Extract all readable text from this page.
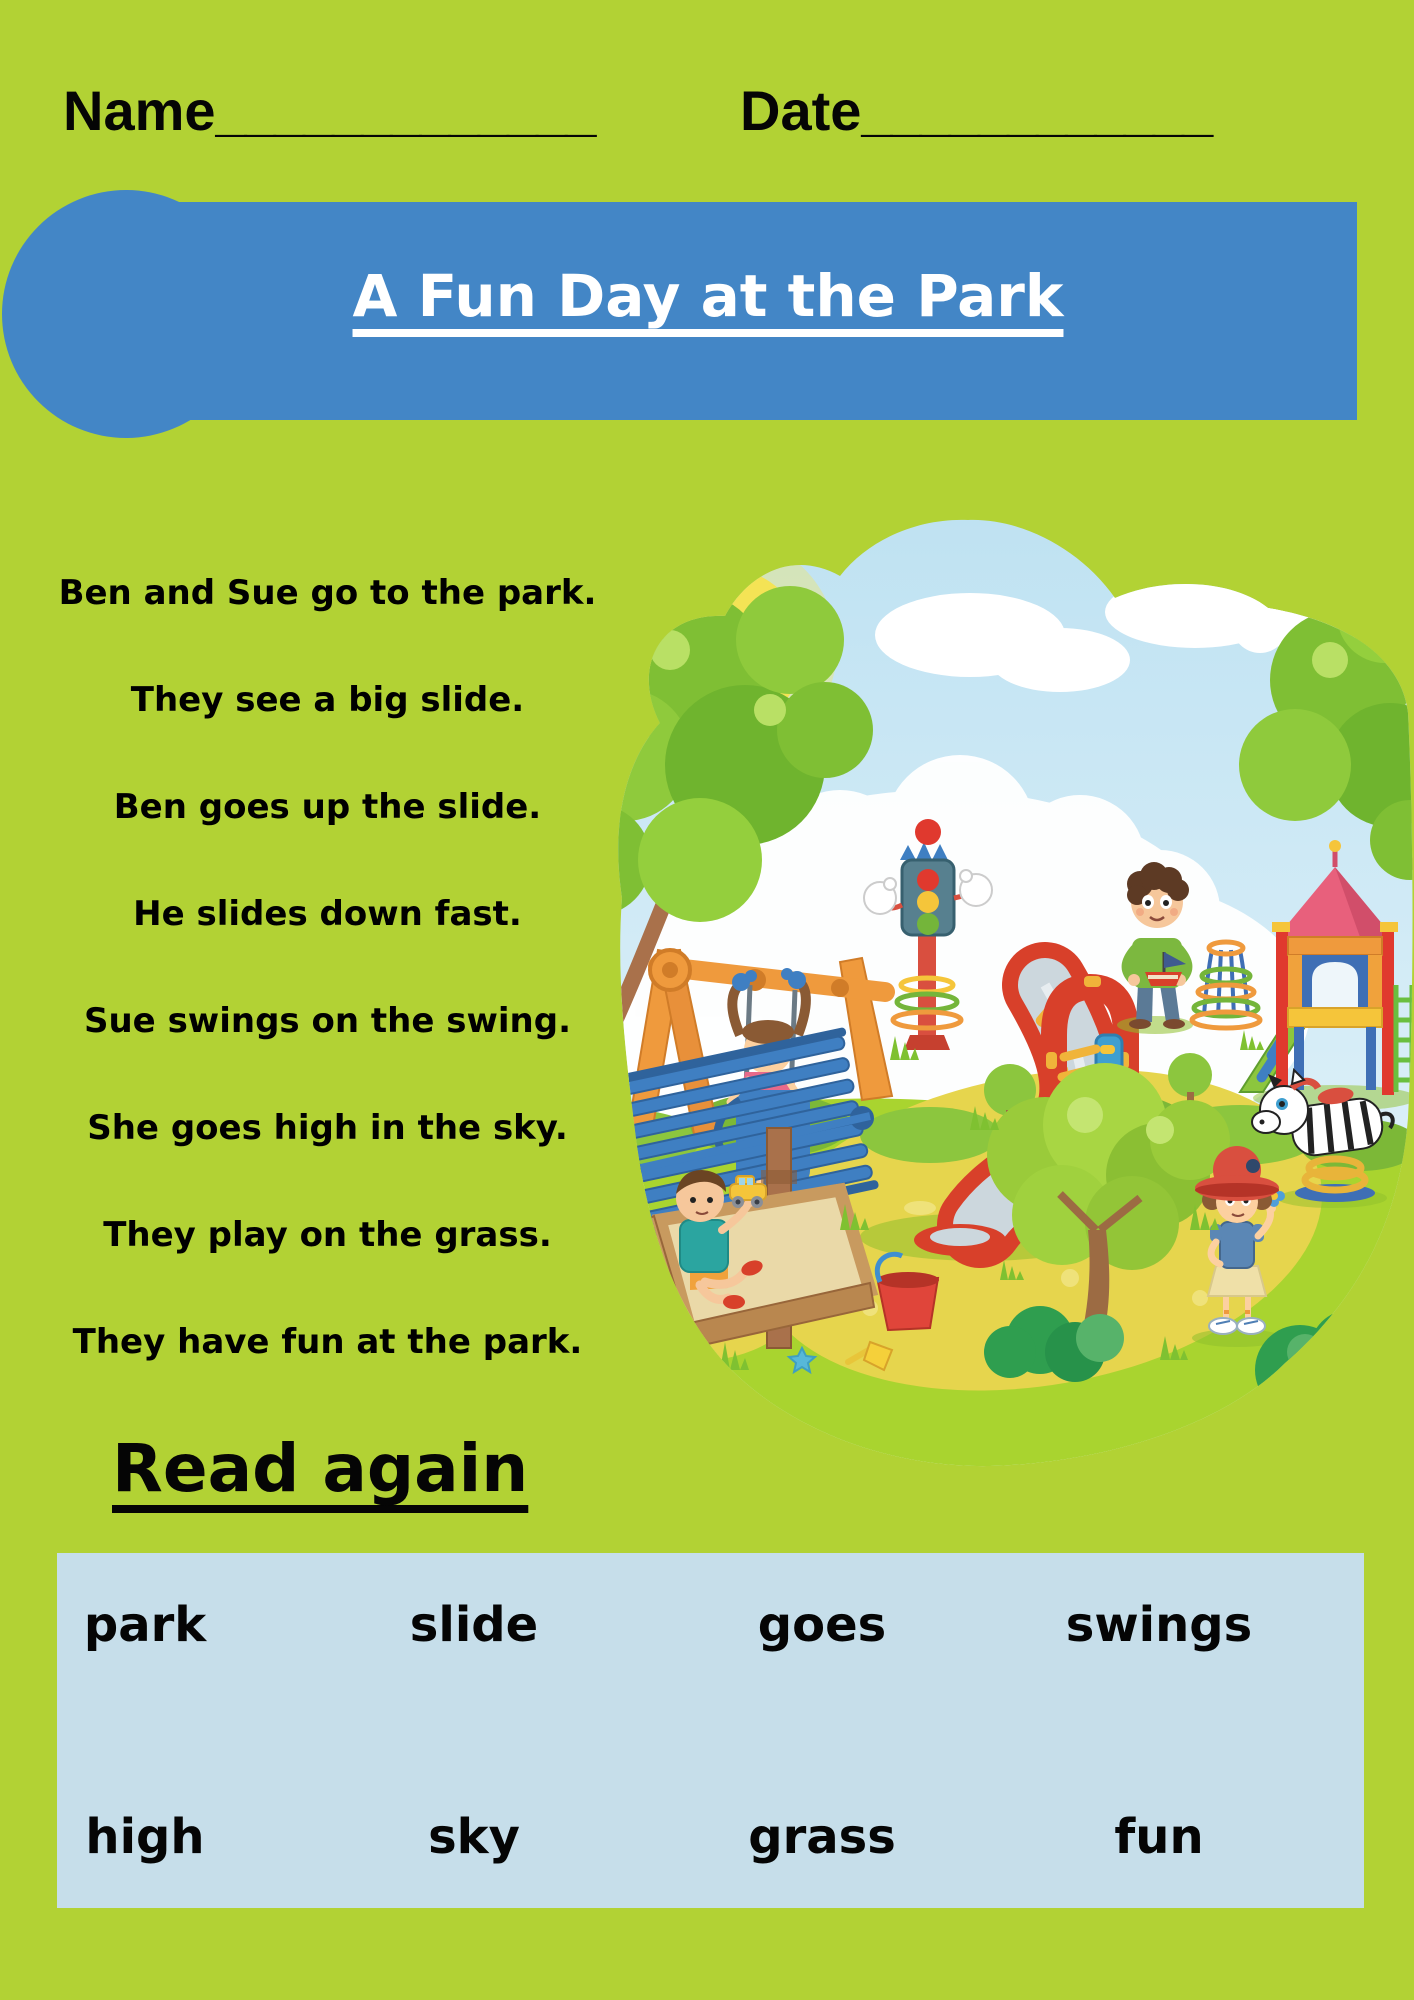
Name_____________	Date____________
A Fun Day at the Park
Ben and Sue go to the park.
They see a big slide.
Ben goes up the slide.
He slides down fast.
Sue swings on the swing.
She goes high in the sky.
They play on the grass.
They have fun at the park.
Read again
park	slide	goes	swings
high	sky	grass	fun
